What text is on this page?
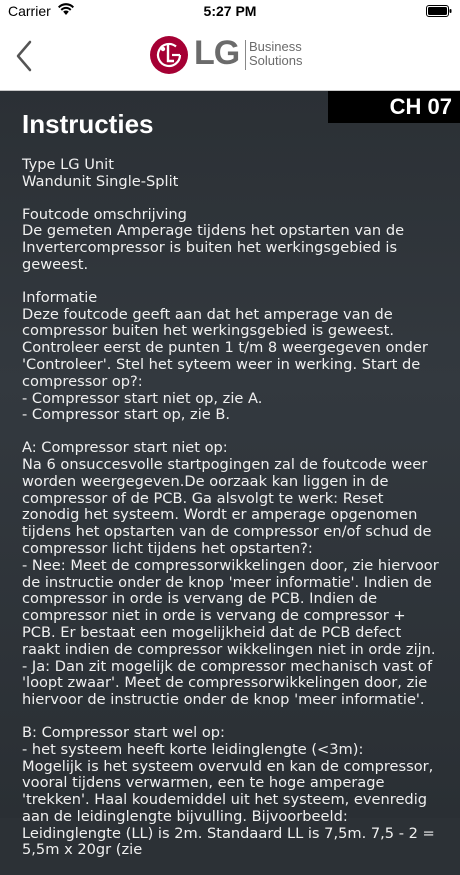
Carrier	5:27 PM
LG Business
Solutions
CH 07
Instructies
Type LG Unit
Wandunit Single-Split
Foutcode omschrijving
De gemeten Amperage tijdens het opstarten van de Invertercompressor is buiten het werkingsgebied is geweest.
Informatie
Deze foutcode geeft aan dat het amperage van de compressor buiten het werkingsgebied is geweest. Controleer eerst de punten 1 t/m 8 weergegeven onder 'Controleer'. Stel het syteem weer in werking. Start de compressor op?:
- Compressor start niet op, zie A.
- Compressor start op, zie B.
A: Compressor start niet op:
Na 6 onsuccesvolle startpogingen zal de foutcode weer worden weergegeven.De oorzaak kan liggen in de compressor of de PCB. Ga alsvolgt te werk: Reset zonodig het systeem. Wordt er amperage opgenomen tijdens het opstarten van de compressor en/of schud de compressor licht tijdens het opstarten?:
- Nee: Meet de compressorwikkelingen door, zie hiervoor de instructie onder de knop 'meer informatie'. Indien de compressor in orde is vervang de PCB. Indien de compressor niet in orde is vervang de compressor + PCB. Er bestaat een mogelijkheid dat de PCB defect raakt indien de compressor wikkelingen niet in orde zijn.
- Ja: Dan zit mogelijk de compressor mechanisch vast of 'loopt zwaar'. Meet de compressorwikkelingen door, zie hiervoor de instructie onder de knop 'meer informatie'.
B: Compressor start wel op:
- het systeem heeft korte leidinglengte (<3m):
Mogelijk is het systeem overvuld en kan de compressor, vooral tijdens verwarmen, een te hoge amperage 'trekken'. Haal koudemiddel uit het systeem, evenredig aan de leidinglengte bijvulling. Bijvoorbeeld: Leidinglengte (LL) is 2m. Standaard LL is 7,5m. 7,5 - 2 = 5,5m x 20gr (zie
